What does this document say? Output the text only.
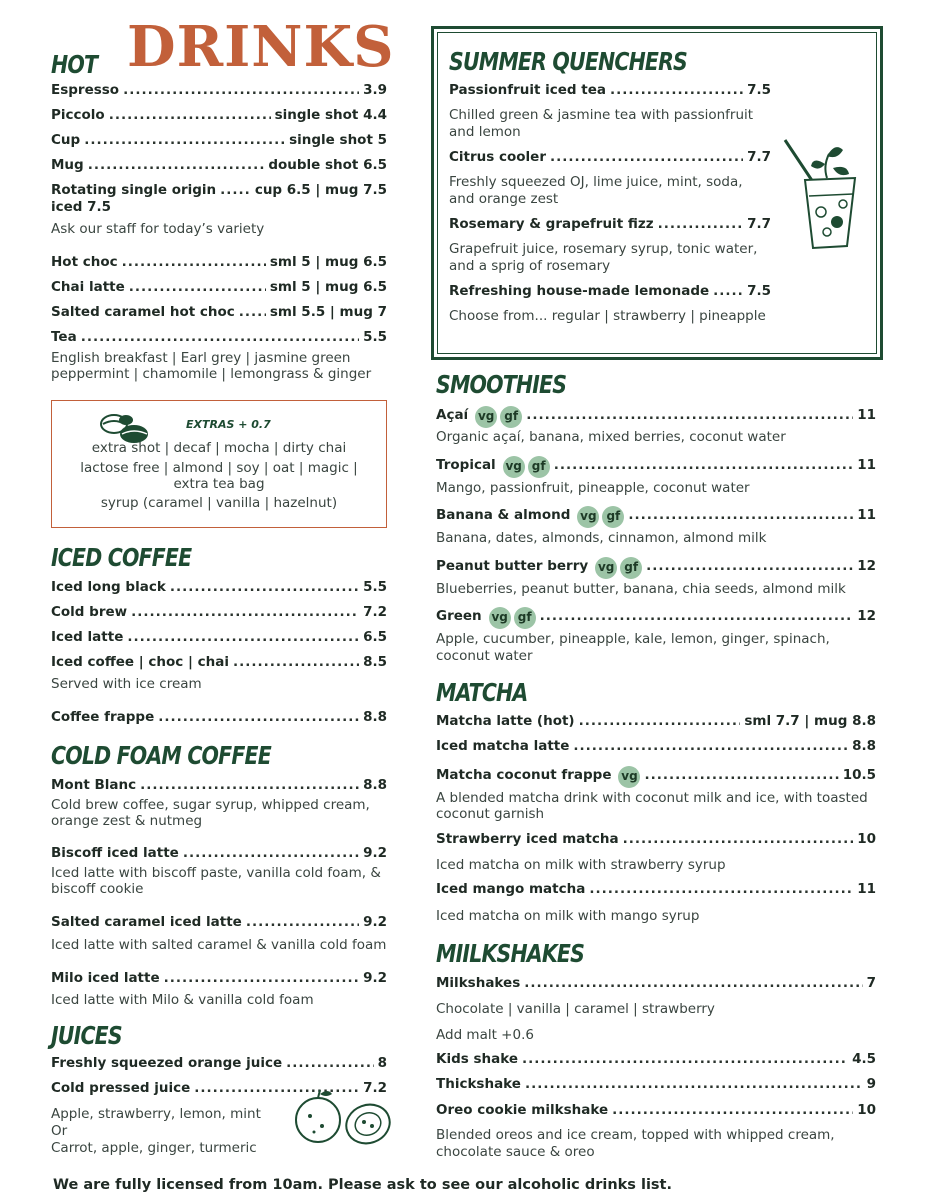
HOT DRINKS
Espresso .....	3.9
Piccolo .....	single shot 4.4
Cup .....	single shot 5
Mug .....	double shot 6.5
Rotating single origin .....	cup 6.5 | mug 7.5
iced 7.5
Ask our staff for today’s variety
Hot choc .....	sml 5 | mug 6.5
Chai latte .....	sml 5 | mug 6.5
Salted caramel hot choc .....	sml 5.5 | mug 7
Tea .....	5.5
English breakfast | Earl grey | jasmine green
peppermint | chamomile | lemongrass & ginger
EXTRAS + 0.7
extra shot | decaf | mocha | dirty chai
lactose free | almond | soy | oat | magic |
extra tea bag
syrup (caramel | vanilla | hazelnut)
ICED COFFEE
Iced long black .....	5.5
Cold brew .....	7.2
Iced latte .....	6.5
Iced coffee | choc | chai .....	8.5
Served with ice cream
Coffee frappe .....	8.8
COLD FOAM COFFEE
Mont Blanc .....	8.8
Cold brew coffee, sugar syrup, whipped cream,
orange zest & nutmeg
Biscoff iced latte .....	9.2
Iced latte with biscoff paste, vanilla cold foam, &
biscoff cookie
Salted caramel iced latte .....	9.2
Iced latte with salted caramel & vanilla cold foam
Milo iced latte .....	9.2
Iced latte with Milo & vanilla cold foam
JUICES
Freshly squeezed orange juice .....	8
Cold pressed juice .....	7.2
Apple, strawberry, lemon, mint
Or
Carrot, apple, ginger, turmeric
SUMMER QUENCHERS
Passionfruit iced tea .....	7.5
Chilled green & jasmine tea with passionfruit
and lemon
Citrus cooler .....	7.7
Freshly squeezed OJ, lime juice, mint, soda,
and orange zest
Rosemary & grapefruit fizz .....	7.7
Grapefruit juice, rosemary syrup, tonic water,
and a sprig of rosemary
Refreshing house-made lemonade .....	7.5
Choose from... regular | strawberry | pineapple
SMOOTHIES
Açaí vg gf .....	11
Organic açaí, banana, mixed berries, coconut water
Tropical vg gf .....	11
Mango, passionfruit, pineapple, coconut water
Banana & almond vg gf .....	11
Banana, dates, almonds, cinnamon, almond milk
Peanut butter berry vg gf .....	12
Blueberries, peanut butter, banana, chia seeds, almond milk
Green vg gf .....	12
Apple, cucumber, pineapple, kale, lemon, ginger, spinach,
coconut water
MATCHA
Matcha latte (hot) .....	sml 7.7 | mug 8.8
Iced matcha latte .....	8.8
Matcha coconut frappe vg .....	10.5
A blended matcha drink with coconut milk and ice, with toasted
coconut garnish
Strawberry iced matcha .....	10
Iced matcha on milk with strawberry syrup
Iced mango matcha .....	11
Iced matcha on milk with mango syrup
MIILKSHAKES
Milkshakes .....	7
Chocolate | vanilla | caramel | strawberry
Add malt +0.6
Kids shake .....	4.5
Thickshake .....	9
Oreo cookie milkshake .....	10
Blended oreos and ice cream, topped with whipped cream,
chocolate sauce & oreo
We are fully licensed from 10am. Please ask to see our alcoholic drinks list.
